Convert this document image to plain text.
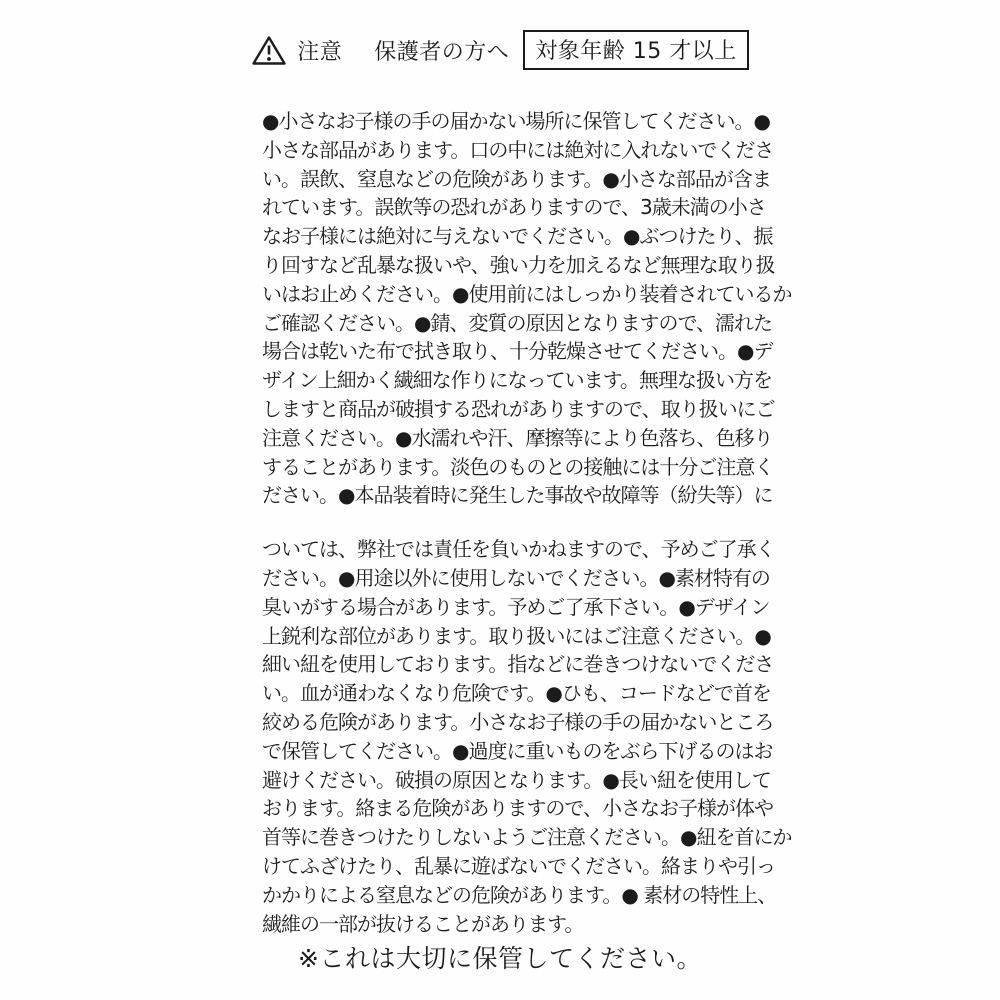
注意 保護者の方へ	対象年齢 15 才以上
●小さなお子様の手の届かない場所に保管してください。●
小さな部品があります。口の中には絶対に入れないでくださ
い。誤飲、窒息などの危険があります。●小さな部品が含ま
れています。誤飲等の恐れがありますので、3歳未満の小さ
なお子様には絶対に与えないでください。●ぶつけたり、振
り回すなど乱暴な扱いや、強い力を加えるなど無理な取り扱
いはお止めください。●使用前にはしっかり装着されているか
ご確認ください。●錆、変質の原因となりますので、濡れた
場合は乾いた布で拭き取り、十分乾燥させてください。●デ
ザイン上細かく繊細な作りになっています。無理な扱い方を
しますと商品が破損する恐れがありますので、取り扱いにご
注意ください。●水濡れや汗、摩擦等により色落ち、色移り
することがあります。淡色のものとの接触には十分ご注意く
ださい。●本品装着時に発生した事故や故障等（紛失等）に
ついては、弊社では責任を負いかねますので、予めご了承く
ださい。●用途以外に使用しないでください。●素材特有の
臭いがする場合があります。予めご了承下さい。●デザイン
上鋭利な部位があります。取り扱いにはご注意ください。●
細い紐を使用しております。指などに巻きつけないでくださ
い。血が通わなくなり危険です。●ひも、コードなどで首を
絞める危険があります。小さなお子様の手の届かないところ
で保管してください。●過度に重いものをぶら下げるのはお
避けください。破損の原因となります。●長い紐を使用して
おります。絡まる危険がありますので、小さなお子様が体や
首等に巻きつけたりしないようご注意ください。●紐を首にか
けてふざけたり、乱暴に遊ばないでください。絡まりや引っ
かかりによる窒息などの危険があります。● 素材の特性上、
繊維の一部が抜けることがあります。
※これは大切に保管してください。
